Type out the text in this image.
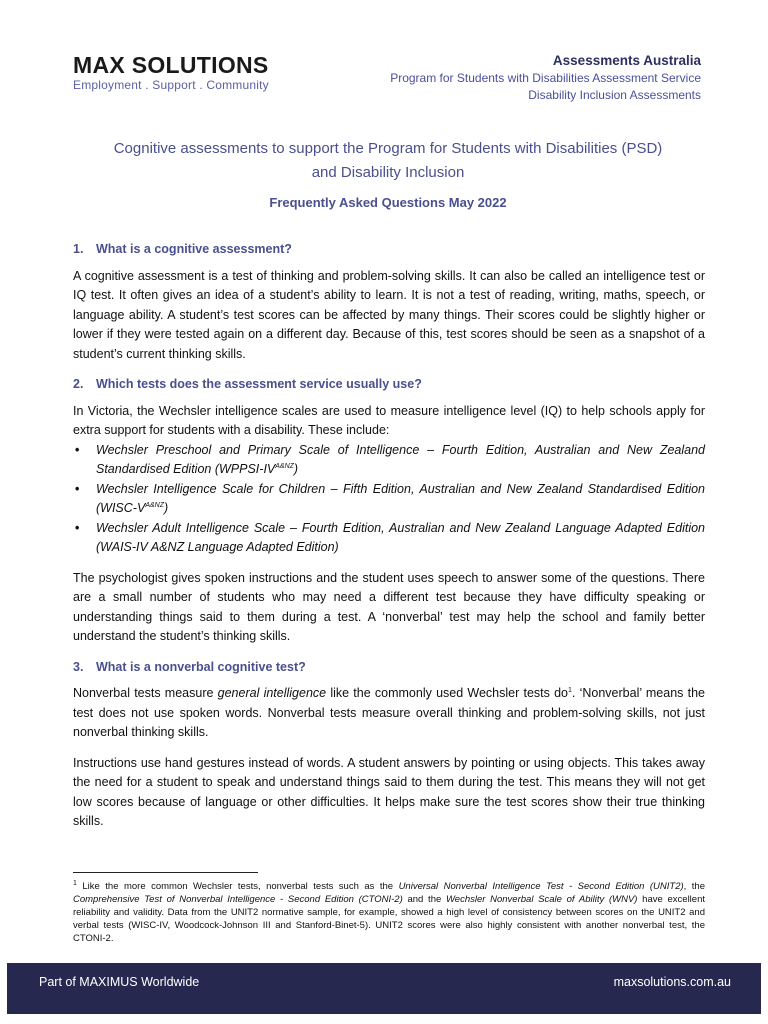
MAX SOLUTIONS
Employment . Support . Community
Assessments Australia
Program for Students with Disabilities Assessment Service
Disability Inclusion Assessments
Cognitive assessments to support the Program for Students with Disabilities (PSD)
and Disability Inclusion
Frequently Asked Questions May 2022
1. What is a cognitive assessment?

A cognitive assessment is a test of thinking and problem-solving skills. It can also be called an intelligence test or IQ test. It often gives an idea of a student’s ability to learn. It is not a test of reading, writing, maths, speech, or language ability. A student’s test scores can be affected by many things. Their scores could be slightly higher or lower if they were tested again on a different day. Because of this, test scores should be seen as a snapshot of a student’s current thinking skills.

2. Which tests does the assessment service usually use?

In Victoria, the Wechsler intelligence scales are used to measure intelligence level (IQ) to help schools apply for extra support for students with a disability. These include:

• Wechsler Preschool and Primary Scale of Intelligence – Fourth Edition, Australian and New Zealand Standardised Edition $(WPPSI-IV^{A\&NZ})$
• Wechsler Intelligence Scale for Children – Fifth Edition, Australian and New Zealand Standardised Edition $(WISC-V^{A\&NZ})$
• Wechsler Adult Intelligence Scale – Fourth Edition, Australian and New Zealand Language Adapted Edition (WAIS-IV A&NZ Language Adapted Edition)

The psychologist gives spoken instructions and the student uses speech to answer some of the questions. There are a small number of students who may need a different test because they have difficulty speaking or understanding things said to them during a test. A ‘nonverbal’ test may help the school and family better understand the student’s thinking skills.

3. What is a nonverbal cognitive test?

Nonverbal tests measure general intelligence like the commonly used Wechsler tests $do^1$. ‘Nonverbal’ means the test does not use spoken words. Nonverbal tests measure overall thinking and problem-solving skills, not just nonverbal thinking skills.

Instructions use hand gestures instead of words. A student answers by pointing or using objects. This takes away the need for a student to speak and understand things said to them during the test. This means they will not get low scores because of language or other difficulties. It helps make sure the test scores show their true thinking skills.

$^1$ Like the more common Wechsler tests, nonverbal tests such as the Universal Nonverbal Intelligence Test - Second Edition (UNIT2), the Comprehensive Test of Nonverbal Intelligence - Second Edition (CTONI-2) and the Wechsler Nonverbal Scale of Ability (WNV) have excellent reliability and validity. Data from the UNIT2 normative sample, for example, showed a high level of consistency between scores on the UNIT2 and verbal tests (WISC-IV, Woodcock-Johnson III and Stanford-Binet-5). UNIT2 scores were also highly consistent with another nonverbal test, the CTONI-2.
Part of MAXIMUS Worldwide	maxsolutions.com.au
